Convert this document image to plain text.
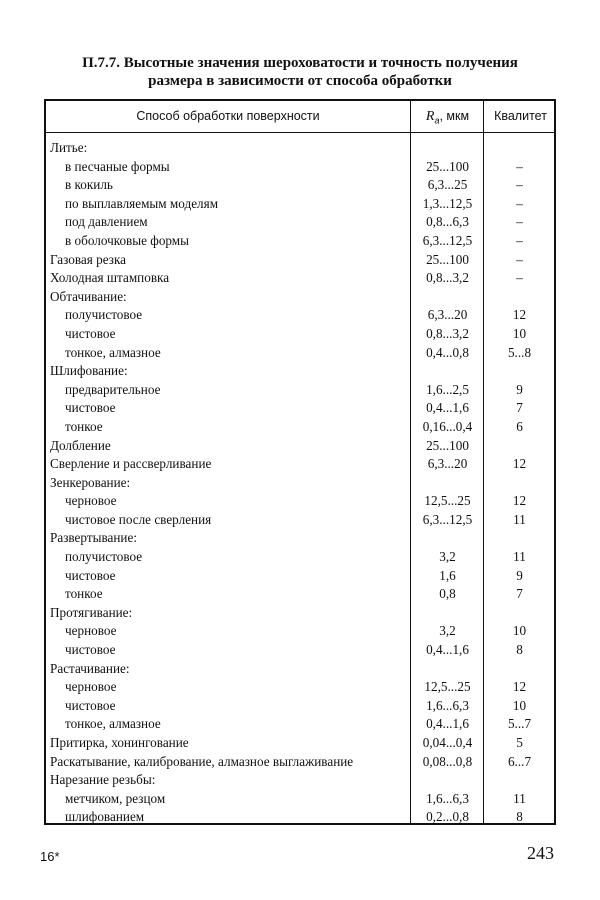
П.7.7. Высотные значения шероховатости и точность получения
размера в зависимости от способа обработки
Способ обработки поверхности	$R_a$, мкм	Квалитет
Литье:
в песчаные формы	25...100	–
в кокиль	6,3...25	–
по выплавляемым моделям	1,3...12,5	–
под давлением	0,8...6,3	–
в оболочковые формы	6,3...12,5	–
Газовая резка	25...100	–
Холодная штамповка	0,8...3,2	–
Обтачивание:
получистовое	6,3...20	12
чистовое	0,8...3,2	10
тонкое, алмазное	0,4...0,8	5...8
Шлифование:
предварительное	1,6...2,5	9
чистовое	0,4...1,6	7
тонкое	0,16...0,4	6
Долбление	25...100
Сверление и рассверливание	6,3...20	12
Зенкерование:
черновое	12,5...25	12
чистовое после сверления	6,3...12,5	11
Развертывание:
получистовое	3,2	11
чистовое	1,6	9
тонкое	0,8	7
Протягивание:
черновое	3,2	10
чистовое	0,4...1,6	8
Растачивание:
черновое	12,5...25	12
чистовое	1,6...6,3	10
тонкое, алмазное	0,4...1,6	5...7
Притирка, хонингование	0,04...0,4	5
Раскатывание, калибрование, алмазное выглаживание	0,08...0,8	6...7
Нарезание резьбы:
метчиком, резцом	1,6...6,3	11
шлифованием	0,2...0,8	8
16*	243
